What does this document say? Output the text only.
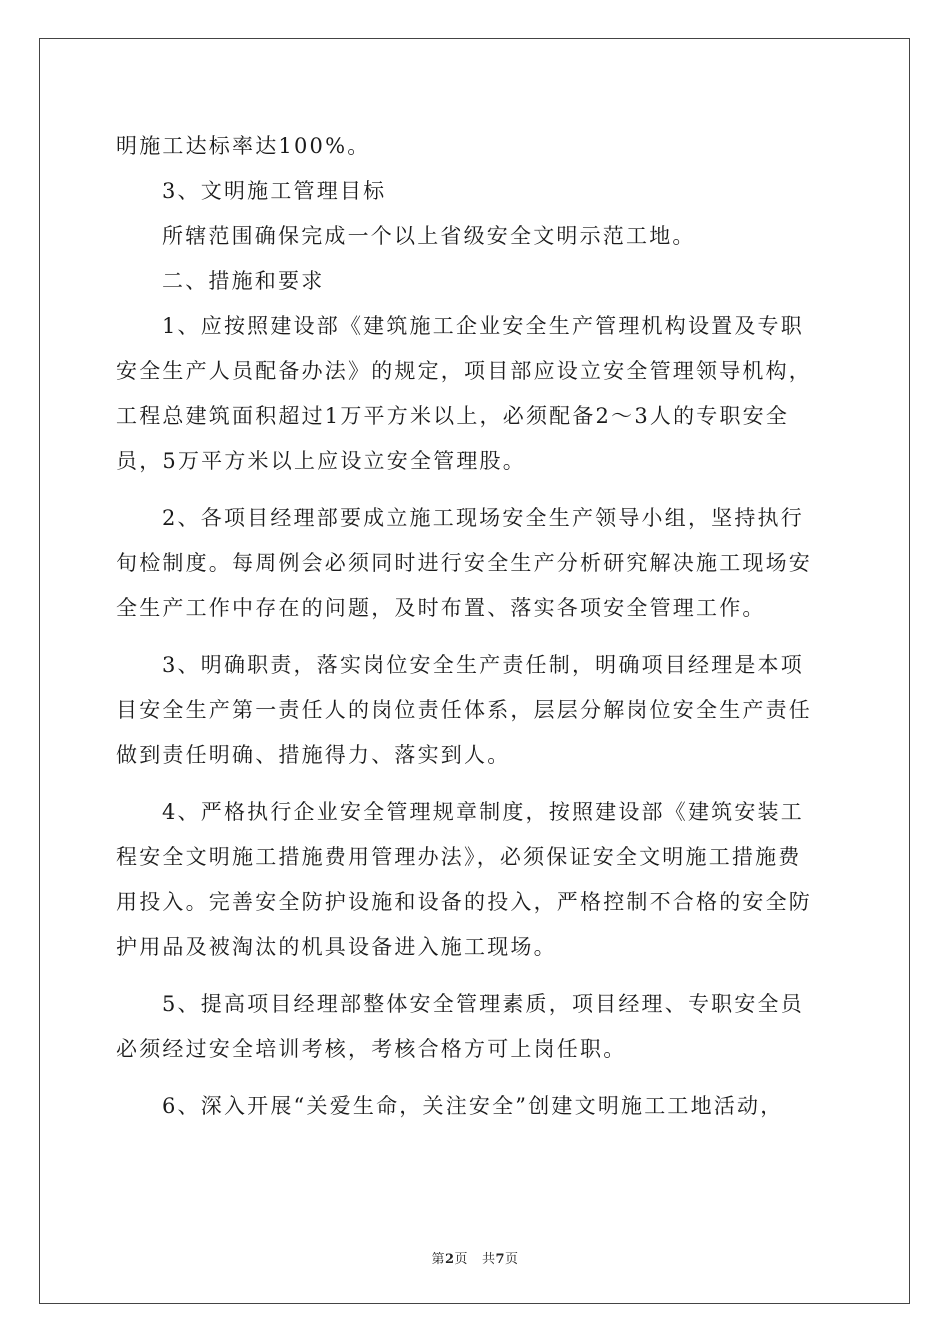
明施工达标率达100%。
3、文明施工管理目标
所辖范围确保完成一个以上省级安全文明示范工地。
二、措施和要求
1、应按照建设部《建筑施工企业安全生产管理机构设置及专职
安全生产人员配备办法》的规定，项目部应设立安全管理领导机构，
工程总建筑面积超过1万平方米以上，必须配备2～3人的专职安全
员，5万平方米以上应设立安全管理股。
2、各项目经理部要成立施工现场安全生产领导小组，坚持执行
旬检制度。每周例会必须同时进行安全生产分析研究解决施工现场安
全生产工作中存在的问题，及时布置、落实各项安全管理工作。
3、明确职责，落实岗位安全生产责任制，明确项目经理是本项
目安全生产第一责任人的岗位责任体系，层层分解岗位安全生产责任
做到责任明确、措施得力、落实到人。
4、严格执行企业安全管理规章制度，按照建设部《建筑安装工
程安全文明施工措施费用管理办法》，必须保证安全文明施工措施费
用投入。完善安全防护设施和设备的投入，严格控制不合格的安全防
护用品及被淘汰的机具设备进入施工现场。
5、提高项目经理部整体安全管理素质，项目经理、专职安全员
必须经过安全培训考核，考核合格方可上岗任职。
6、深入开展“关爱生命，关注安全”创建文明施工工地活动，
第2页 共7页
